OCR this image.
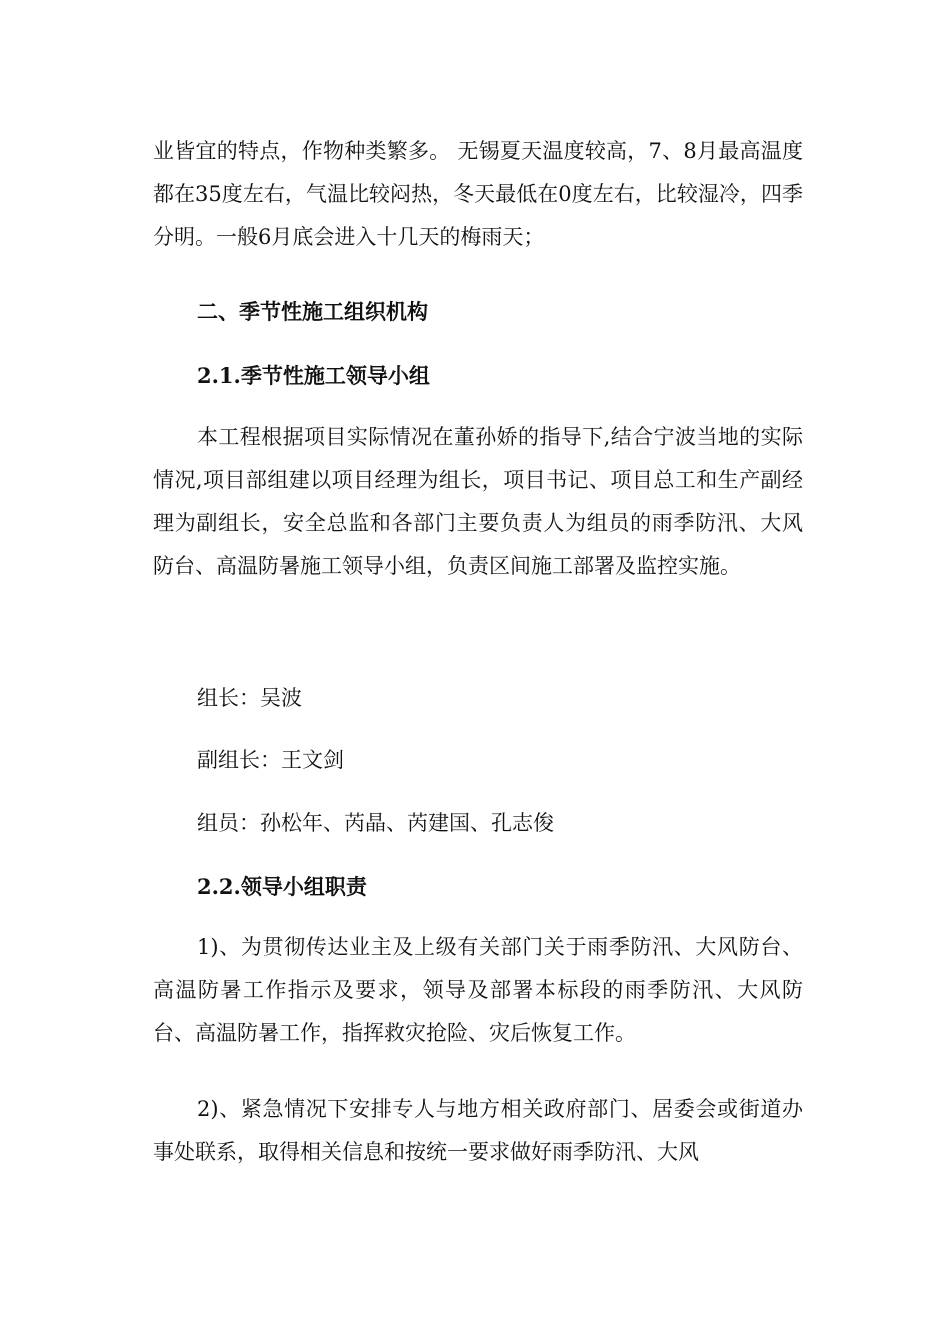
业皆宜的特点，作物种类繁多。 无锡夏天温度较高，7、8月最高温度都在35度左右，气温比较闷热，冬天最低在0度左右，比较湿冷，四季分明。一般6月底会进入十几天的梅雨天；

二、季节性施工组织机构
2.1.季节性施工领导小组

本工程根据项目实际情况在董孙娇的指导下,结合宁波当地的实际情况,项目部组建以项目经理为组长，项目书记、项目总工和生产副经理为副组长，安全总监和各部门主要负责人为组员的雨季防汛、大风防台、高温防暑施工领导小组，负责区间施工部署及监控实施。

组长：吴波
副组长：王文剑
组员：孙松年、芮晶、芮建国、孔志俊
2.2.领导小组职责

1)、为贯彻传达业主及上级有关部门关于雨季防汛、大风防台、高温防暑工作指示及要求，领导及部署本标段的雨季防汛、大风防台、高温防暑工作，指挥救灾抢险、灾后恢复工作。

2)、紧急情况下安排专人与地方相关政府部门、居委会或街道办事处联系，取得相关信息和按统一要求做好雨季防汛、大风
